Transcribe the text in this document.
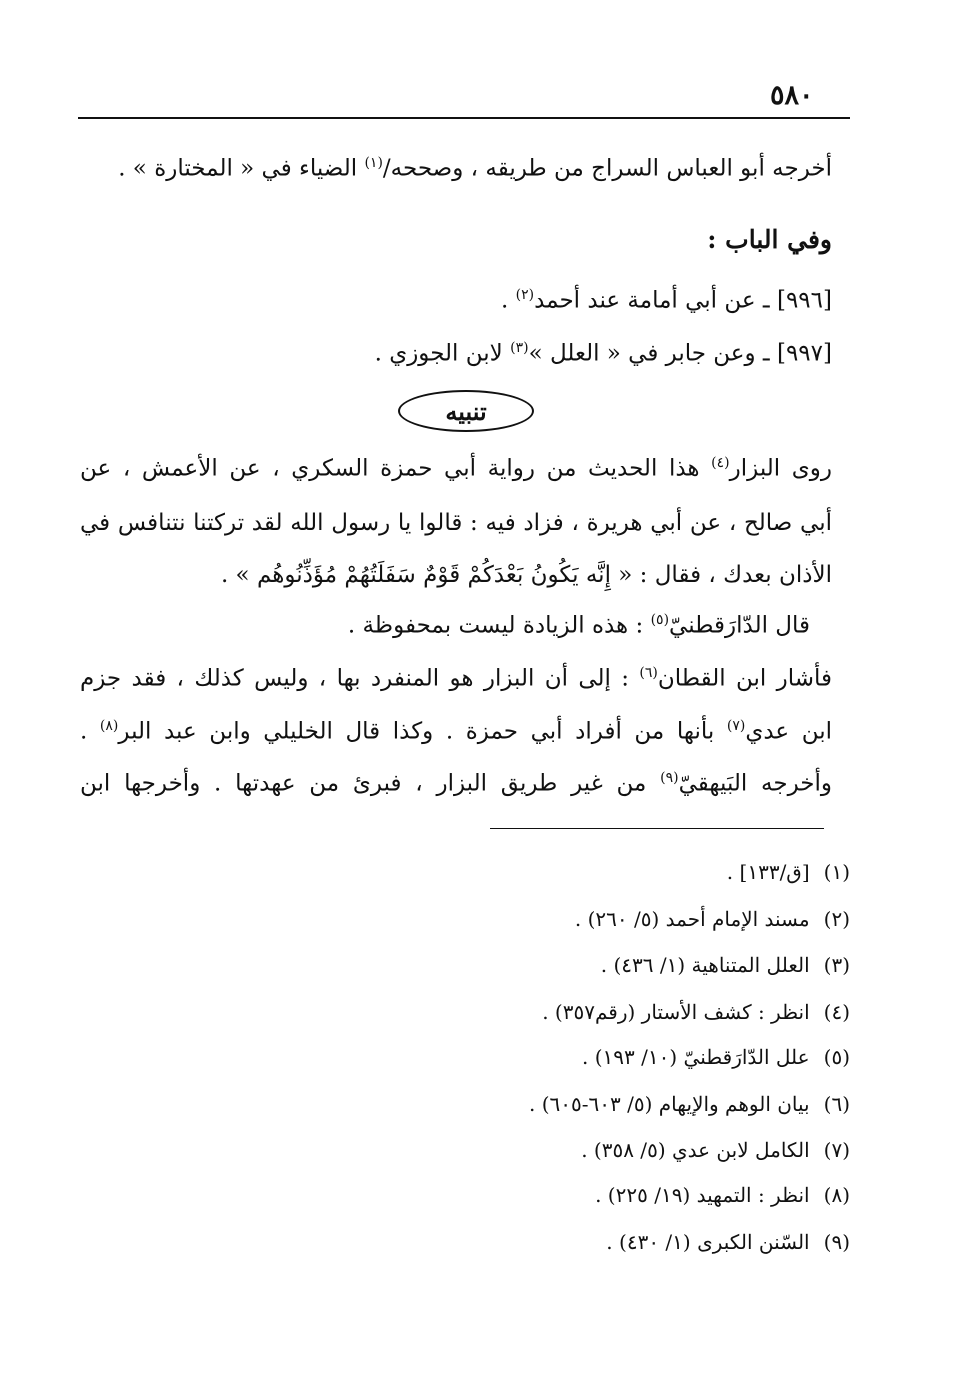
٥٨٠
أخرجه أبو العباس السراج من طريقه ، وصححه/$^{(١)}$ الضياء في « المختارة » .
وفي الباب :
[٩٩٦] ـ عن أبي أمامة عند أحمد$^{(٢)}$ .
[٩٩٧] ـ وعن جابر في « العلل »$^{(٣)}$ لابن الجوزي .
تنبيه
روى البزار$^{(٤)}$ هذا الحديث من رواية أبي حمزة السكري ، عن الأعمش ، عن
أبي صالح ، عن أبي هريرة ، فزاد فيه : قالوا يا رسول الله لقد تركتنا نتنافس في
الأذان بعدك ، فقال : « إِنَّه يَكُونُ بَعْدَكُمْ قَوْمٌ سَفَلَتُهُمْ مُؤَذِّنُوهُم » .
قال الدّارَقطنيّ$^{(٥)}$ : هذه الزيادة ليست بمحفوظة .
فأشار ابن القطان$^{(٦)}$ : إلى أن البزار هو المنفرد بها ، وليس كذلك ، فقد جزم
ابن عدي$^{(٧)}$ بأنها من أفراد أبي حمزة . وكذا قال الخليلي وابن عبد البر$^{(٨)}$ .
وأخرجه البَيهقيّ$^{(٩)}$ من غير طريق البزار ، فبرئ من عهدتها . وأخرجها ابن
(١)[ق/١٣٣] .
(٢)مسند الإمام أحمد (٥/ ٢٦٠) .
(٣)العلل المتناهية (١/ ٤٣٦) .
(٤)انظر : كشف الأستار (رقم٣٥٧) .
(٥)علل الدّارَقطنيّ (١٠/ ١٩٣) .
(٦)بيان الوهم والإيهام (٥/ ٦٠٣-٦٠٥) .
(٧)الكامل لابن عدي (٥/ ٣٥٨) .
(٨)انظر : التمهيد (١٩/ ٢٢٥) .
(٩)السّنن الكبرى (١/ ٤٣٠) .
